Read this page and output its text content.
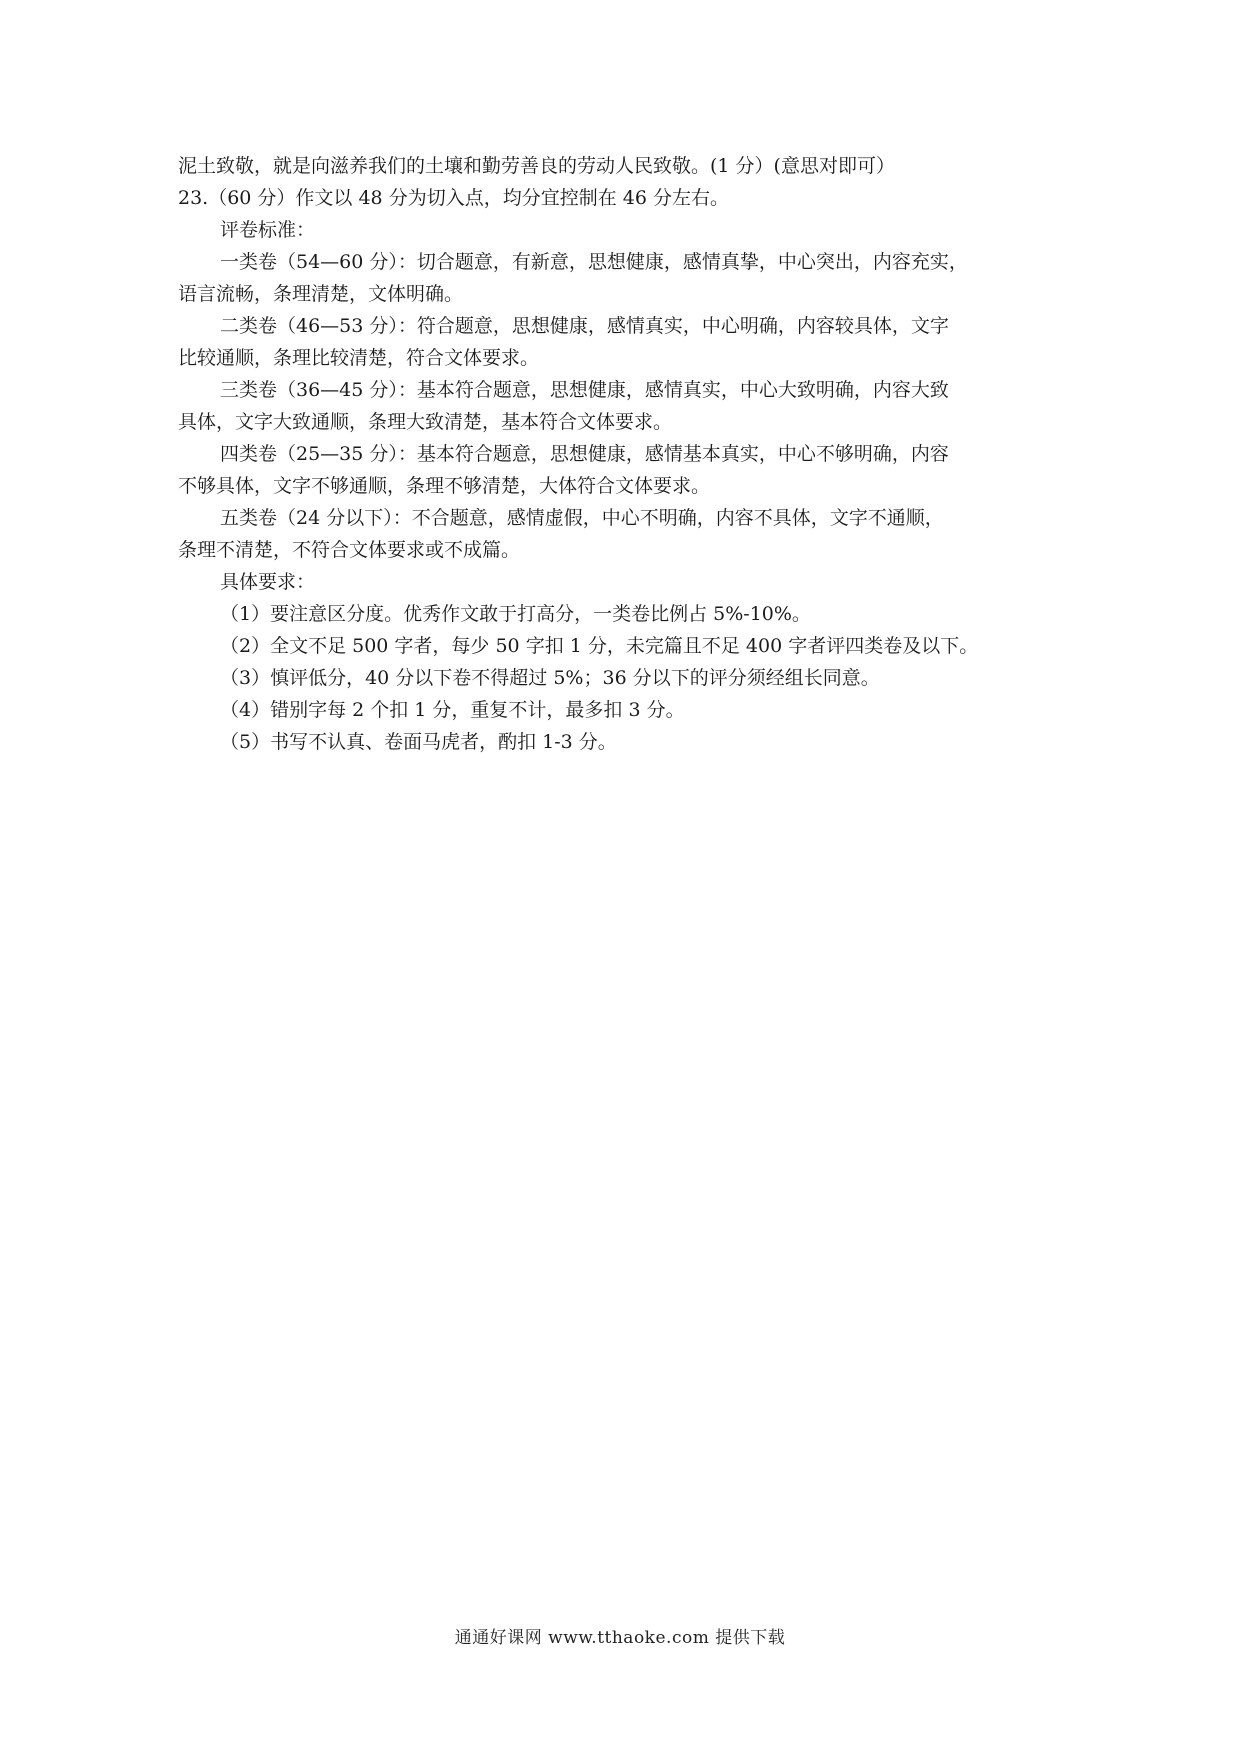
泥土致敬，就是向滋养我们的土壤和勤劳善良的劳动人民致敬。(1 分）(意思对即可）
23.（60 分）作文以 48 分为切入点，均分宜控制在 46 分左右。
评卷标准：
一类卷（54—60 分）：切合题意，有新意，思想健康，感情真挚，中心突出，内容充实，
语言流畅，条理清楚，文体明确。
二类卷（46—53 分）：符合题意，思想健康，感情真实，中心明确，内容较具体，文字
比较通顺，条理比较清楚，符合文体要求。
三类卷（36—45 分）：基本符合题意，思想健康，感情真实，中心大致明确，内容大致
具体，文字大致通顺，条理大致清楚，基本符合文体要求。
四类卷（25—35 分）：基本符合题意，思想健康，感情基本真实，中心不够明确，内容
不够具体，文字不够通顺，条理不够清楚，大体符合文体要求。
五类卷（24 分以下）：不合题意，感情虚假，中心不明确，内容不具体，文字不通顺，
条理不清楚，不符合文体要求或不成篇。
具体要求：
（1）要注意区分度。优秀作文敢于打高分，一类卷比例占 5%-10%。
（2）全文不足 500 字者，每少 50 字扣 1 分，未完篇且不足 400 字者评四类卷及以下。
（3）慎评低分，40 分以下卷不得超过 5%；36 分以下的评分须经组长同意。
（4）错别字每 2 个扣 1 分，重复不计，最多扣 3 分。
（5）书写不认真、卷面马虎者，酌扣 1-3 分。
通通好课网 www.tthaoke.com 提供下载
